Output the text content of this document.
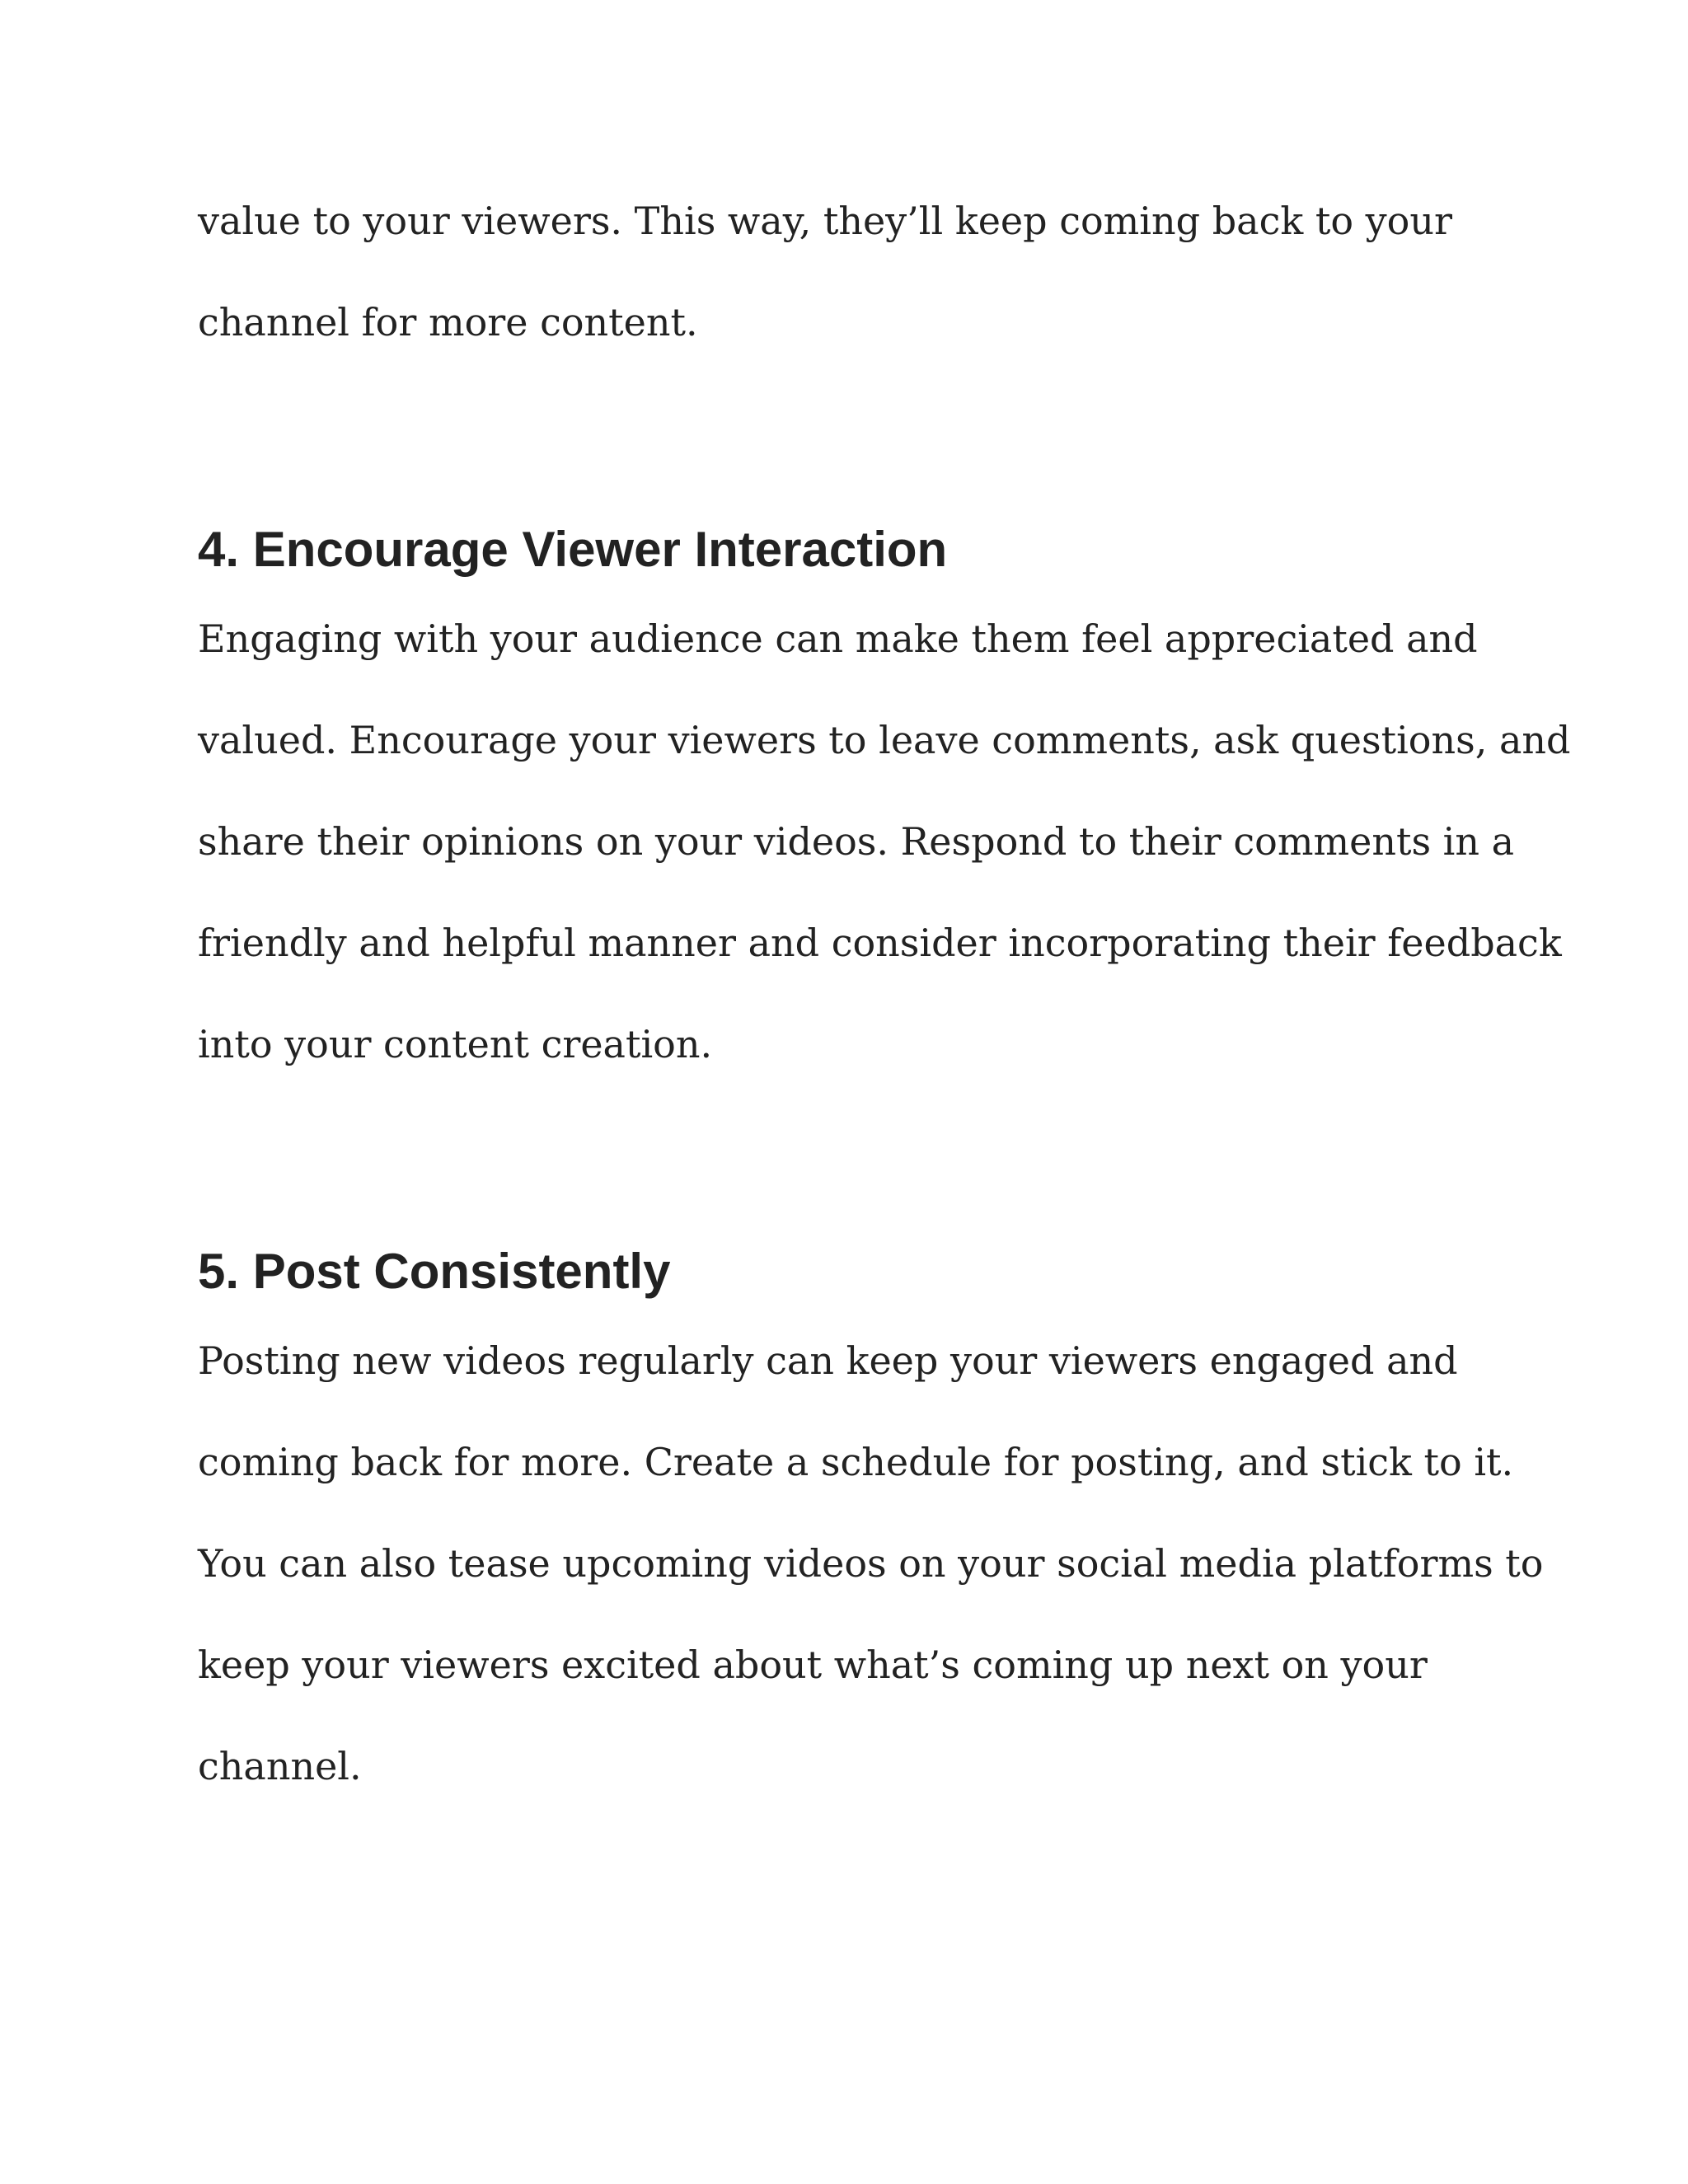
value to your viewers. This way, they’ll keep coming back to your
channel for more content.
4. Encourage Viewer Interaction
Engaging with your audience can make them feel appreciated and
valued. Encourage your viewers to leave comments, ask questions, and
share their opinions on your videos. Respond to their comments in a
friendly and helpful manner and consider incorporating their feedback
into your content creation.
5. Post Consistently
Posting new videos regularly can keep your viewers engaged and
coming back for more. Create a schedule for posting, and stick to it.
You can also tease upcoming videos on your social media platforms to
keep your viewers excited about what’s coming up next on your
channel.
